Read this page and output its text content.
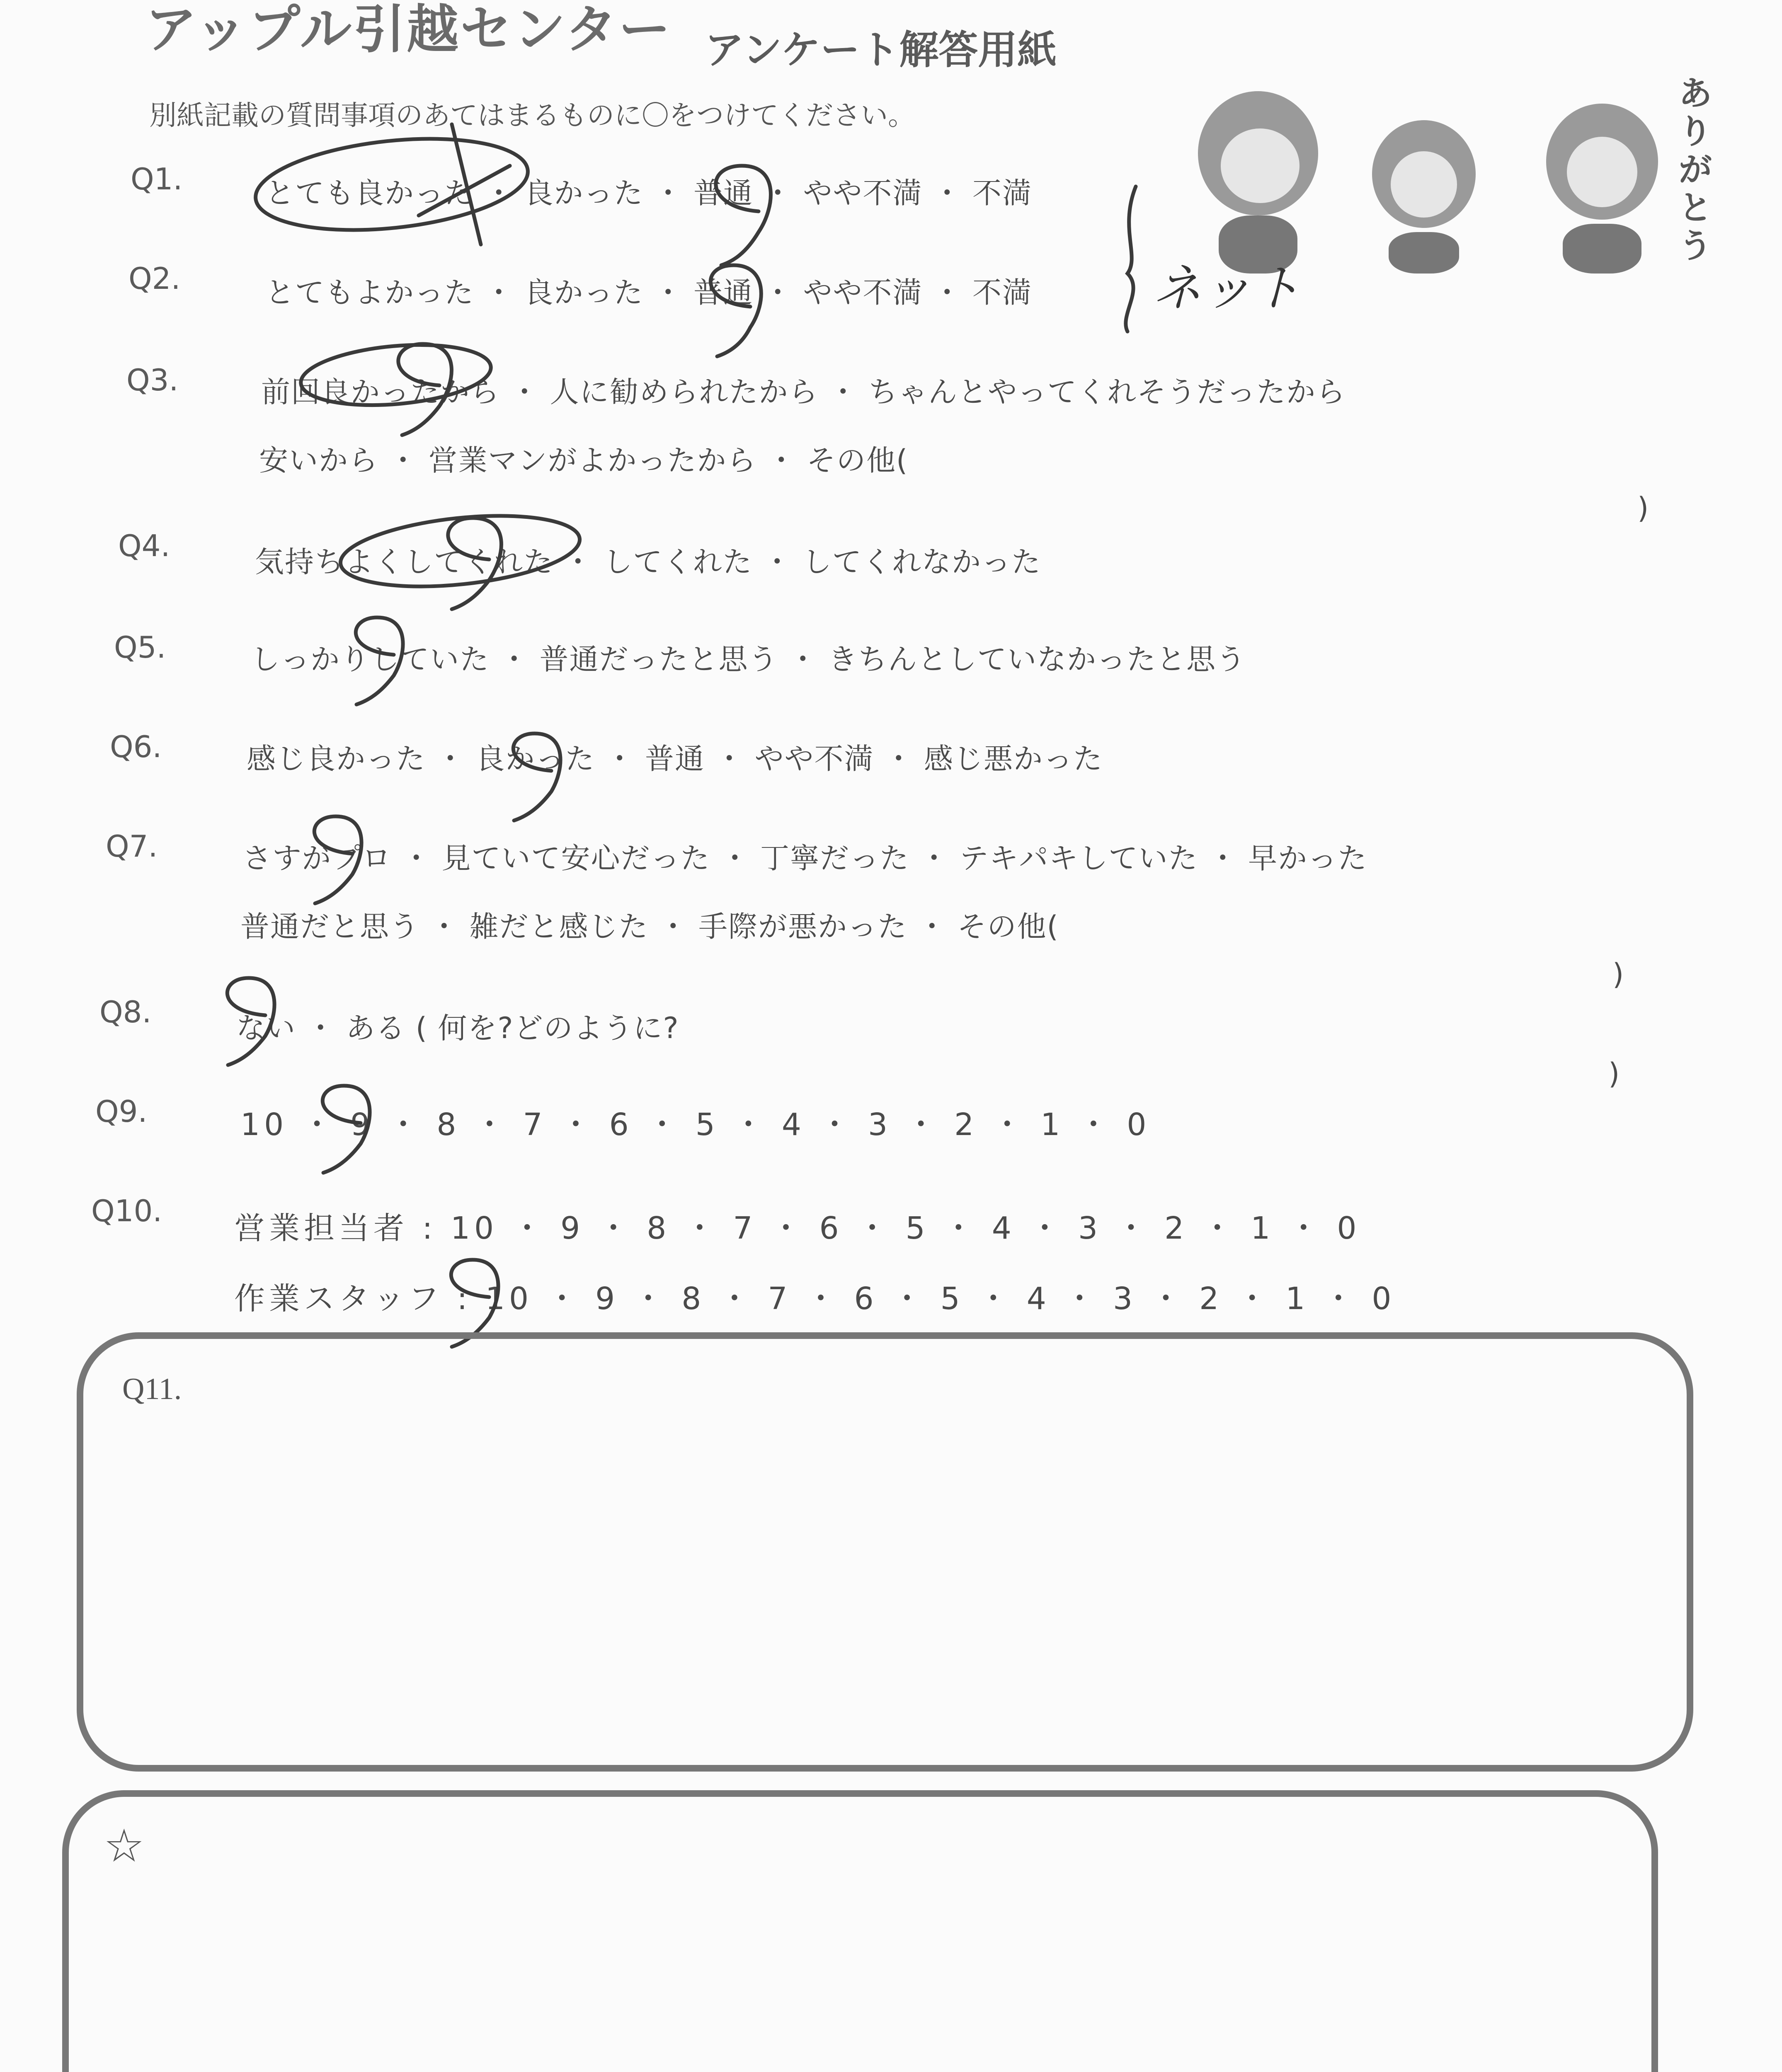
アップル引越センター アンケート解答用紙
別紙記載の質問事項のあてはまるものに〇をつけてください。
ありがとう
Q1.	とても良かった ・ 良かった ・ 普通 ・ やや不満 ・ 不満
Q2.	とてもよかった ・ 良かった ・ 普通 ・ やや不満 ・ 不満
Q3.	前回良かったから ・ 人に勧められたから ・ ちゃんとやってくれそうだったから
安いから ・ 営業マンがよかったから ・ その他(
)
Q4.	気持ちよくしてくれた ・ してくれた ・ してくれなかった
Q5.	しっかりしていた ・ 普通だったと思う ・ きちんとしていなかったと思う
Q6.	感じ良かった ・ 良かった ・ 普通 ・ やや不満 ・ 感じ悪かった
Q7.	さすがプロ ・ 見ていて安心だった ・ 丁寧だった ・ テキパキしていた ・ 早かった
普通だと思う ・ 雑だと感じた ・ 手際が悪かった ・ その他(
)
Q8.	ない ・ ある ( 何を?どのように?
)
Q9.	10 ・ 9 ・ 8 ・ 7 ・ 6 ・ 5 ・ 4 ・ 3 ・ 2 ・ 1 ・ 0
Q10. 営業担当者 : 10 ・ 9 ・ 8 ・ 7 ・ 6 ・ 5 ・ 4 ・ 3 ・ 2 ・ 1 ・ 0
作業スタッフ : 10 ・ 9 ・ 8 ・ 7 ・ 6 ・ 5 ・ 4 ・ 3 ・ 2 ・ 1 ・ 0
ネット
Q11.
☆
